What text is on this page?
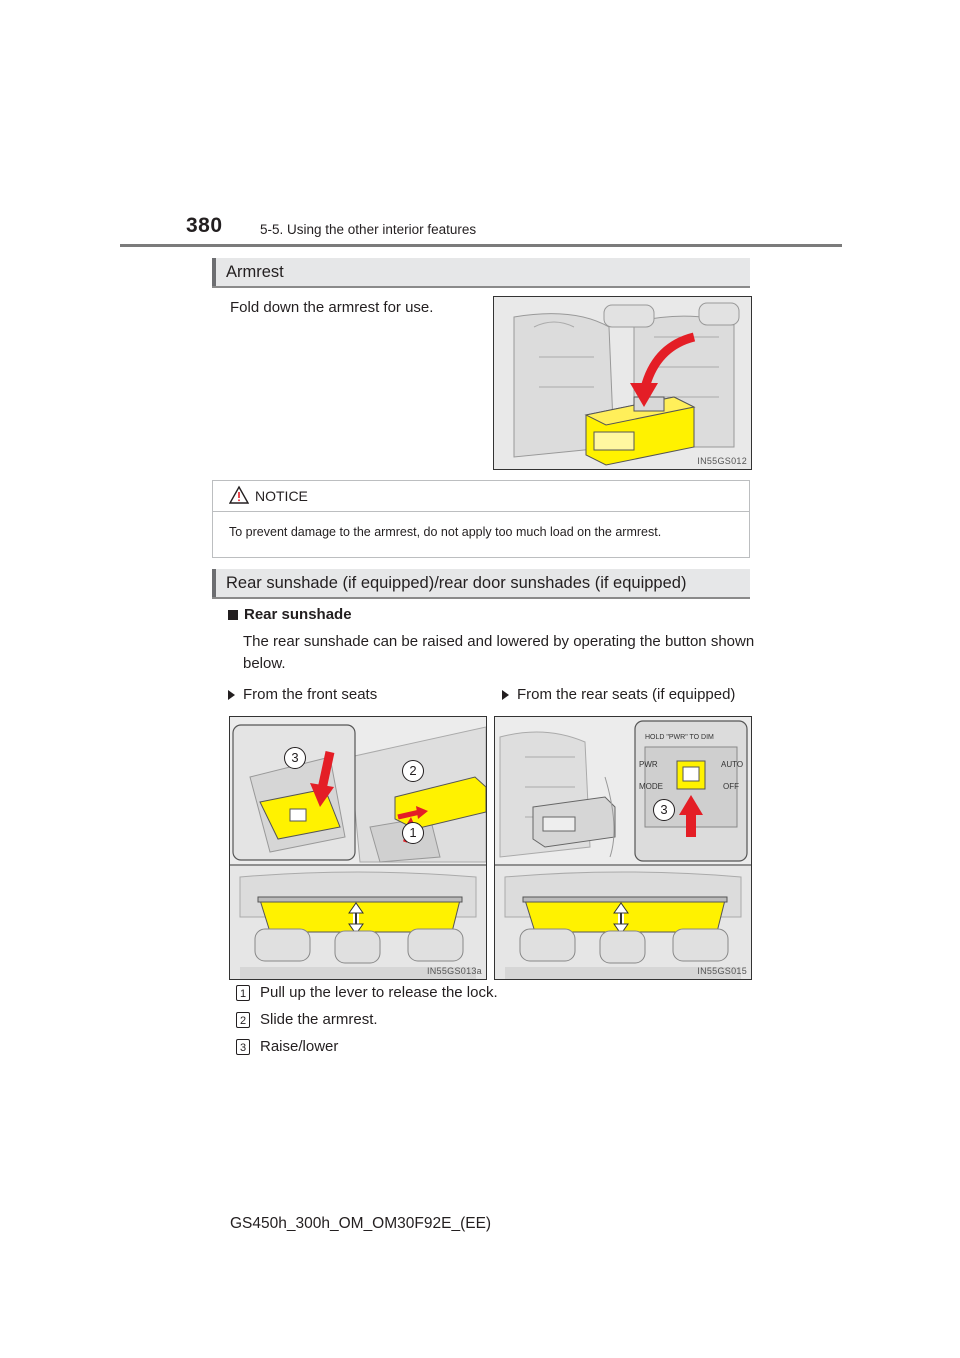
380	5-5. Using the other interior features
Armrest
Fold down the armrest for use.
IN55GS012
NOTICE
To prevent damage to the armrest, do not apply too much load on the armrest.
Rear sunshade (if equipped)/rear door sunshades (if equipped)
Rear sunshade
The rear sunshade can be raised and lowered by operating the button shown
below.
From the front seats	From the rear seats (if equipped)
3
2
1
IN55GS013a
HOLD "PWR" TO DIM
PWR
MODE
AUTO
OFF
3
IN55GS015
1 Pull up the lever to release the lock.
2 Slide the armrest.
3 Raise/lower
GS450h_300h_OM_OM30F92E_(EE)
